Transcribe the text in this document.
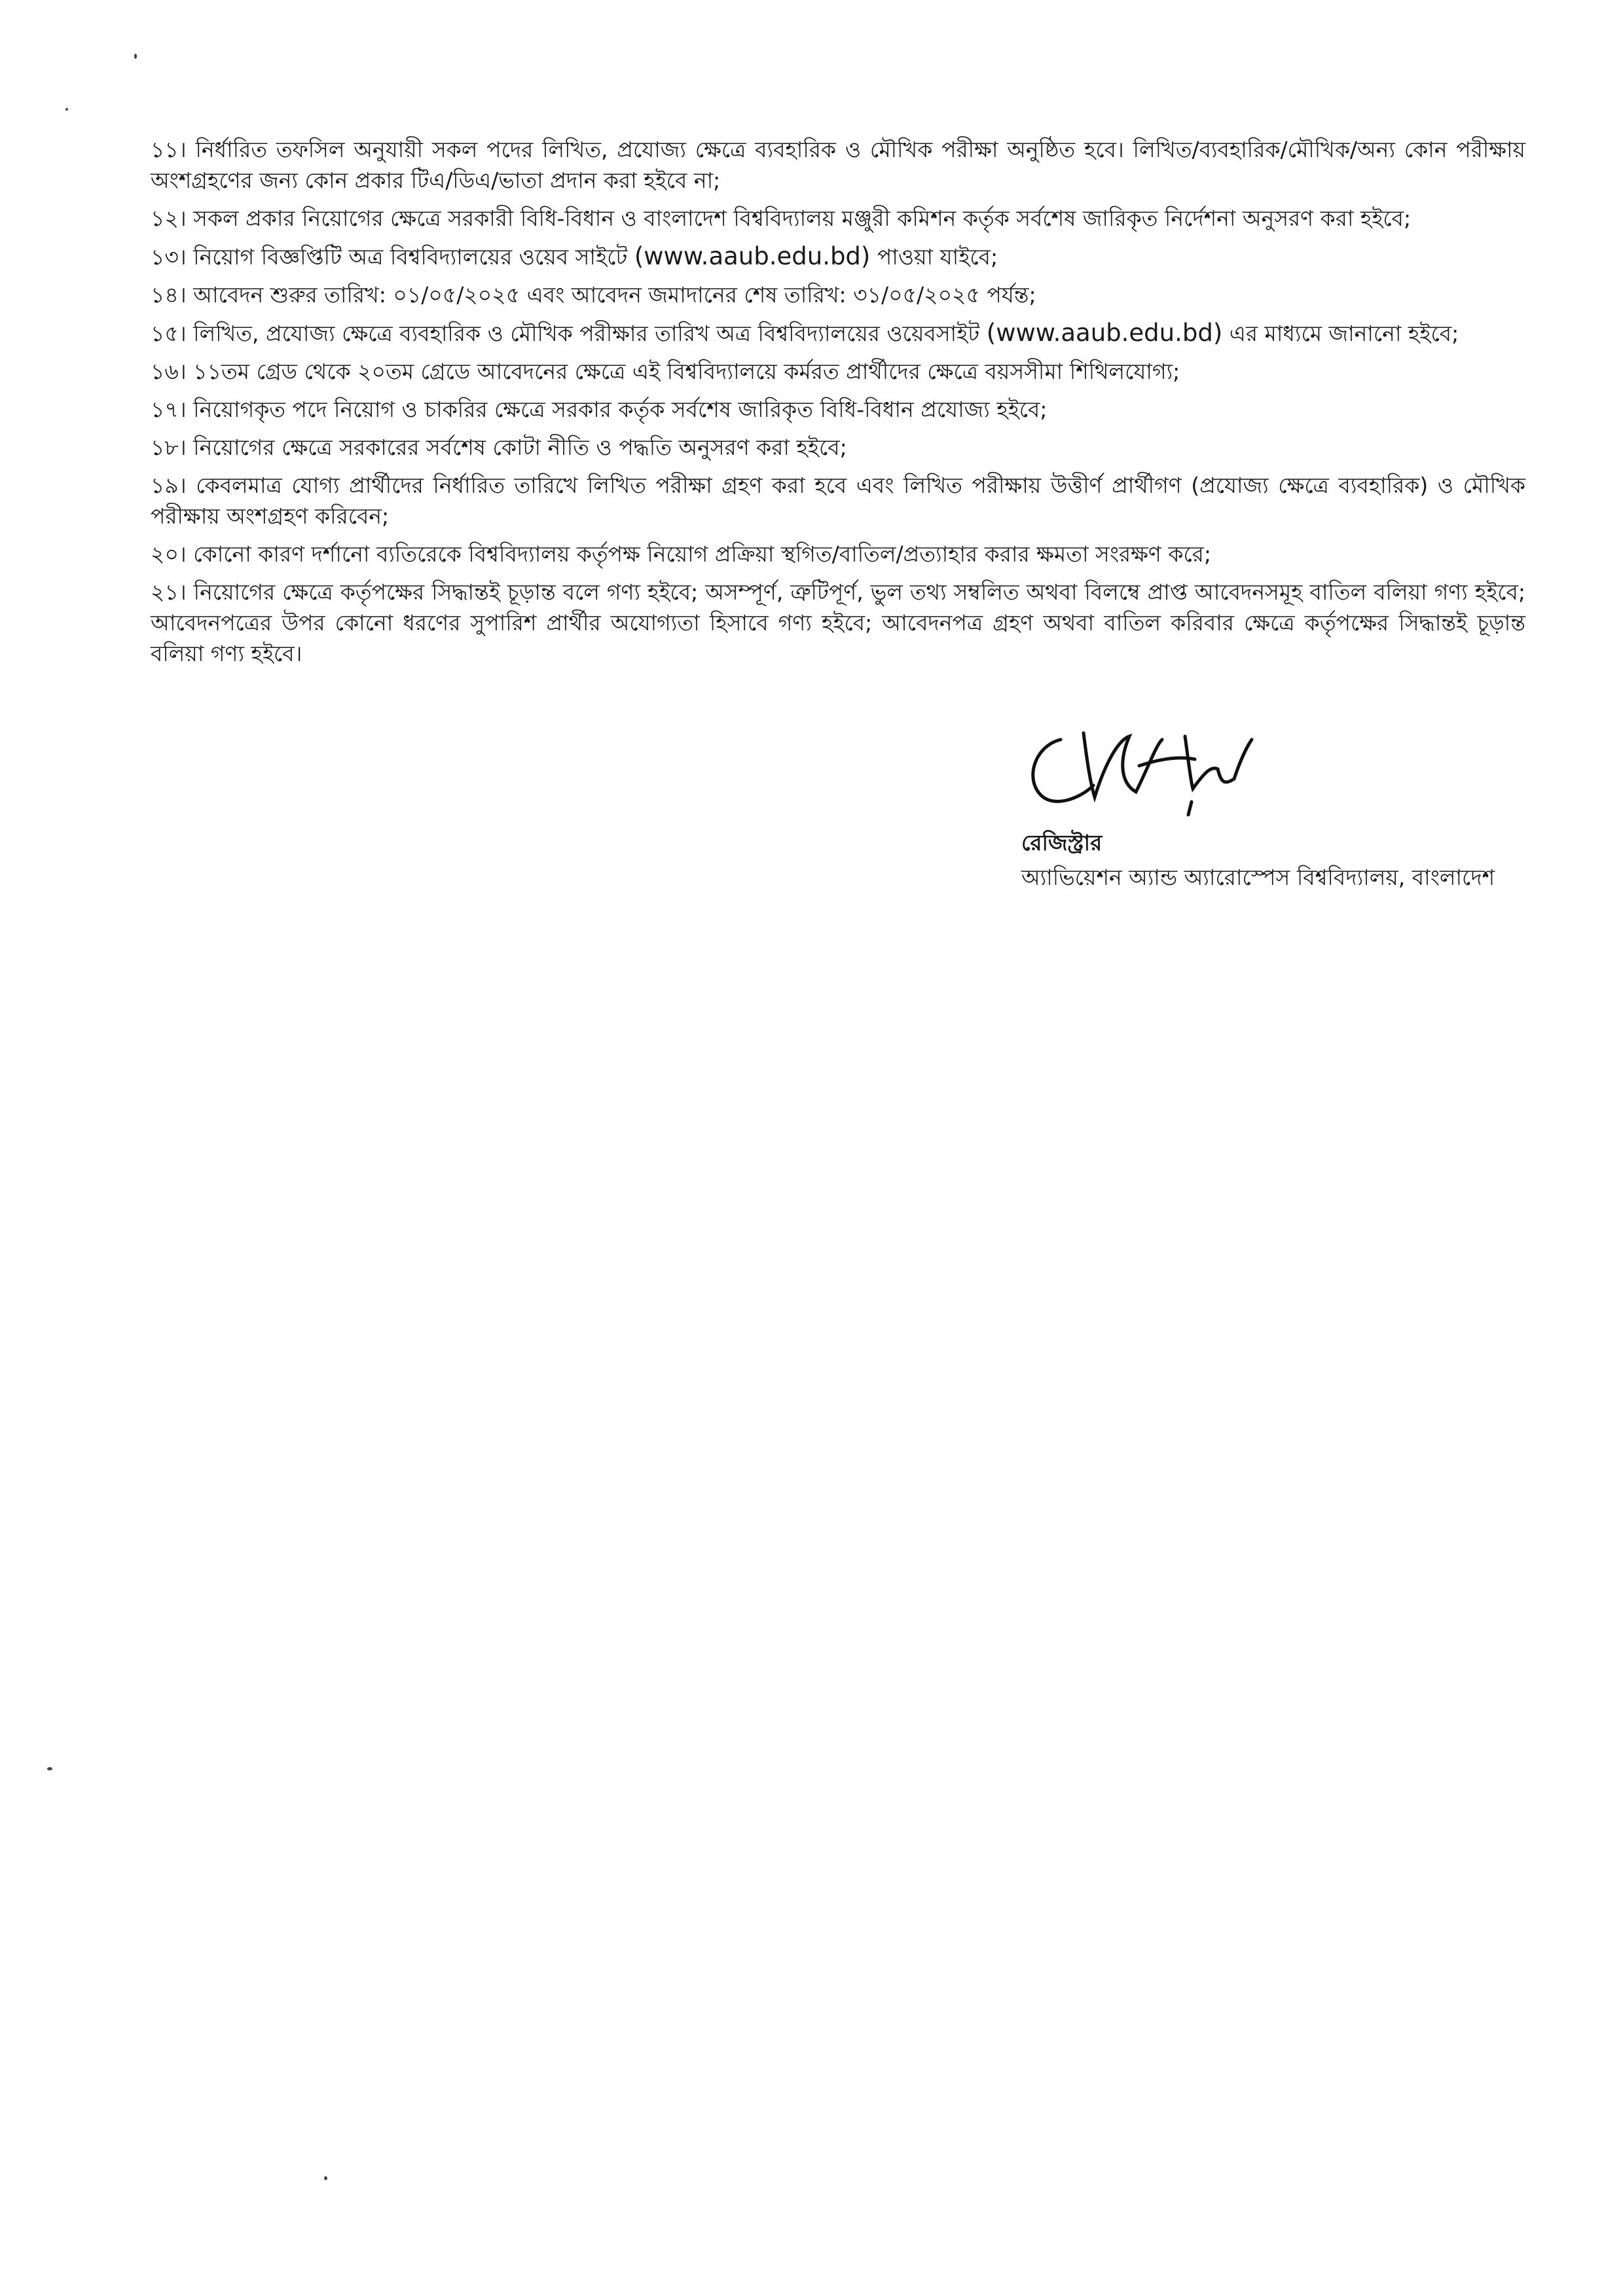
১১। নির্ধারিত তফসিল অনুযায়ী সকল পদের লিখিত, প্রযোজ্য ক্ষেত্রে ব্যবহারিক ও মৌখিক পরীক্ষা অনুষ্ঠিত হবে। লিখিত/ব্যবহারিক/মৌখিক/অন্য কোন পরীক্ষায় অংশগ্রহণের জন্য কোন প্রকার টিএ/ডিএ/ভাতা প্রদান করা হইবে না;

১২। সকল প্রকার নিয়োগের ক্ষেত্রে সরকারী বিধি-বিধান ও বাংলাদেশ বিশ্ববিদ্যালয় মঞ্জুরী কমিশন কর্তৃক সর্বশেষ জারিকৃত নির্দেশনা অনুসরণ করা হইবে;

১৩। নিয়োগ বিজ্ঞপ্তিটি অত্র বিশ্ববিদ্যালয়ের ওয়েব সাইটে (www.aaub.edu.bd) পাওয়া যাইবে;

১৪। আবেদন শুরুর তারিখ: ০১/০৫/২০২৫ এবং আবেদন জমাদানের শেষ তারিখ: ৩১/০৫/২০২৫ পর্যন্ত;

১৫। লিখিত, প্রযোজ্য ক্ষেত্রে ব্যবহারিক ও মৌখিক পরীক্ষার তারিখ অত্র বিশ্ববিদ্যালয়ের ওয়েবসাইট (www.aaub.edu.bd) এর মাধ্যমে জানানো হইবে;

১৬। ১১তম গ্রেড থেকে ২০তম গ্রেডে আবেদনের ক্ষেত্রে এই বিশ্ববিদ্যালয়ে কর্মরত প্রার্থীদের ক্ষেত্রে বয়সসীমা শিথিলযোগ্য;

১৭। নিয়োগকৃত পদে নিয়োগ ও চাকরির ক্ষেত্রে সরকার কর্তৃক সর্বশেষ জারিকৃত বিধি-বিধান প্রযোজ্য হইবে;

১৮। নিয়োগের ক্ষেত্রে সরকারের সর্বশেষ কোটা নীতি ও পদ্ধতি অনুসরণ করা হইবে;

১৯। কেবলমাত্র যোগ্য প্রার্থীদের নির্ধারিত তারিখে লিখিত পরীক্ষা গ্রহণ করা হবে এবং লিখিত পরীক্ষায় উত্তীর্ণ প্রার্থীগণ (প্রযোজ্য ক্ষেত্রে ব্যবহারিক) ও মৌখিক পরীক্ষায় অংশগ্রহণ করিবেন;

২০। কোনো কারণ দর্শানো ব্যতিরেকে বিশ্ববিদ্যালয় কর্তৃপক্ষ নিয়োগ প্রক্রিয়া স্থগিত/বাতিল/প্রত্যাহার করার ক্ষমতা সংরক্ষণ করে;

২১। নিয়োগের ক্ষেত্রে কর্তৃপক্ষের সিদ্ধান্তই চূড়ান্ত বলে গণ্য হইবে; অসম্পূর্ণ, ত্রুটিপূর্ণ, ভুল তথ্য সম্বলিত অথবা বিলম্বে প্রাপ্ত আবেদনসমূহ বাতিল বলিয়া গণ্য হইবে; আবেদনপত্রের উপর কোনো ধরণের সুপারিশ প্রার্থীর অযোগ্যতা হিসাবে গণ্য হইবে; আবেদনপত্র গ্রহণ অথবা বাতিল করিবার ক্ষেত্রে কর্তৃপক্ষের সিদ্ধান্তই চূড়ান্ত বলিয়া গণ্য হইবে।

রেজিস্ট্রার
অ্যাভিয়েশন অ্যান্ড অ্যারোস্পেস বিশ্ববিদ্যালয়, বাংলাদেশ
